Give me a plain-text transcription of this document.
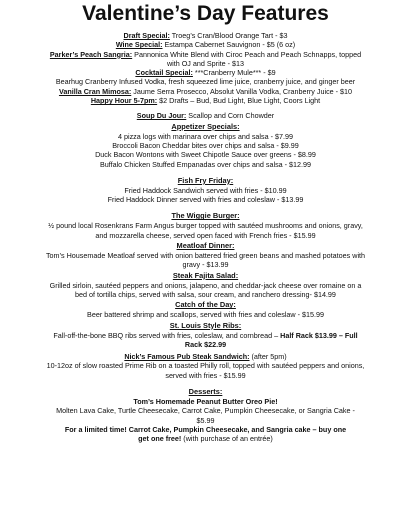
Valentine’s Day Features
Draft Special: Troeg’s Cran/Blood Orange Tart - $3
Wine Special: Estampa Cabernet Sauvignon - $5 (6 oz)
Parker’s Peach Sangria: Pannonica White Blend with Ciroc Peach and Peach Schnapps, topped
with OJ and Sprite - $13
Cocktail Special: ***Cranberry Mule*** - $9
Bearhug Cranberry Infused Vodka, fresh squeezed lime juice, cranberry juice, and ginger beer
Vanilla Cran Mimosa: Jaume Serra Prosecco, Absolut Vanilla Vodka, Cranberry Juice - $10
Happy Hour 5-7pm: $2 Drafts – Bud, Bud Light, Blue Light, Coors Light
Soup Du Jour: Scallop and Corn Chowder
Appetizer Specials:
4 pizza logs with marinara over chips and salsa - $7.99
Broccoli Bacon Cheddar bites over chips and salsa - $9.99
Duck Bacon Wontons with Sweet Chipotle Sauce over greens - $8.99
Buffalo Chicken Stuffed Empanadas over chips and salsa - $12.99
Fish Fry Friday:
Fried Haddock Sandwich served with fries - $10.99
Fried Haddock Dinner served with fries and coleslaw - $13.99
The Wiggie Burger:
½ pound local Rosenkrans Farm Angus burger topped with sautéed mushrooms and onions, gravy,
and mozzarella cheese, served open faced with French fries - $15.99
Meatloaf Dinner:
Tom’s Housemade Meatloaf served with onion battered fried green beans and mashed potatoes with
gravy - $13.99
Steak Fajita Salad:
Grilled sirloin, sautéed peppers and onions, jalapeno, and cheddar-jack cheese over romaine on a
bed of tortilla chips, served with salsa, sour cream, and ranchero dressing- $14.99
Catch of the Day:
Beer battered shrimp and scallops, served with fries and coleslaw - $15.99
St. Louis Style Ribs:
Fall-off-the-bone BBQ ribs served with fries, coleslaw, and cornbread – Half Rack $13.99 – Full
Rack $22.99
Nick’s Famous Pub Steak Sandwich: (after 5pm)
10-12oz of slow roasted Prime Rib on a toasted Philly roll, topped with sautéed peppers and onions,
served with fries - $15.99
Desserts:
Tom’s Homemade Peanut Butter Oreo Pie!
Molten Lava Cake, Turtle Cheesecake, Carrot Cake, Pumpkin Cheesecake, or Sangria Cake -
$5.99
For a limited time! Carrot Cake, Pumpkin Cheesecake, and Sangria cake – buy one
get one free! (with purchase of an entrée)
